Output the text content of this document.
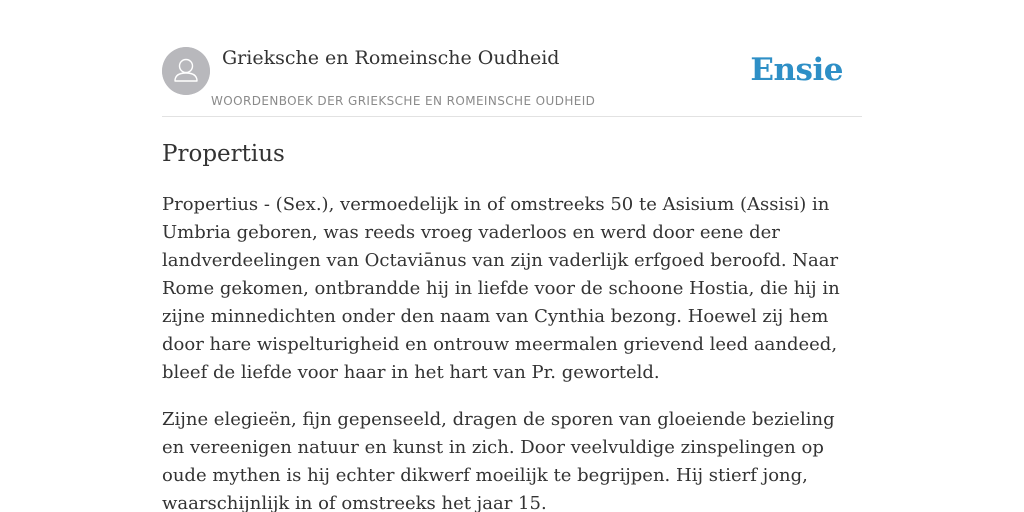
Grieksche en Romeinsche Oudheid
WOORDENBOEK DER GRIEKSCHE EN ROMEINSCHE OUDHEID
Ensie
Propertius

Propertius - (Sex.), vermoedelijk in of omstreeks 50 te Asisium (Assisi) in Umbria geboren, was reeds vroeg vaderloos en werd door eene der landverdeelingen van Octaviānus van zijn vaderlijk erfgoed beroofd. Naar Rome gekomen, ontbrandde hij in liefde voor de schoone Hostia, die hij in zijne minnedichten onder den naam van Cynthia bezong. Hoewel zij hem door hare wispelturigheid en ontrouw meermalen grievend leed aandeed, bleef de liefde voor haar in het hart van Pr. geworteld.

Zijne elegieën, fijn gepenseeld, dragen de sporen van gloeiende bezieling en vereenigen natuur en kunst in zich. Door veelvuldige zinspelingen op oude mythen is hij echter dikwerf moeilijk te begrijpen. Hij stierf jong, waarschijnlijk in of omstreeks het jaar 15.
